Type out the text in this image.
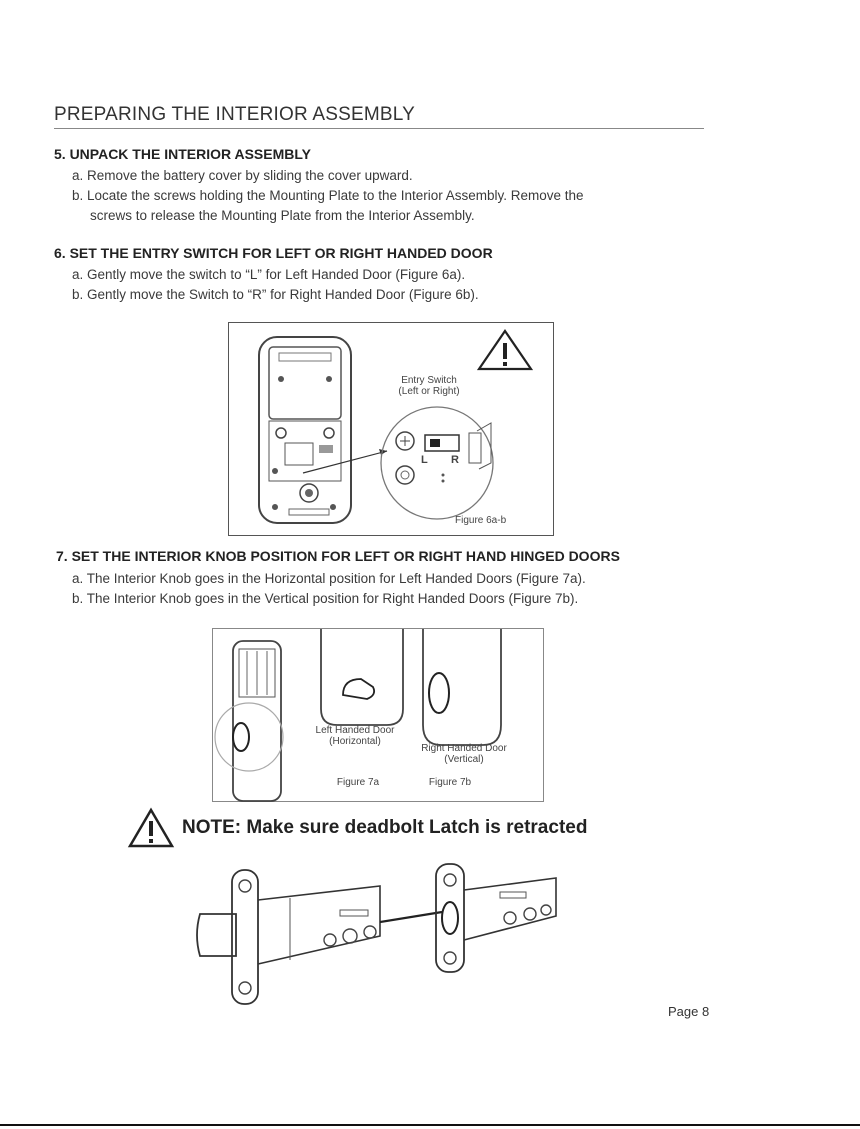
PREPARING THE INTERIOR ASSEMBLY
5. UNPACK THE INTERIOR ASSEMBLY
a. Remove the battery cover by sliding the cover upward.
b. Locate the screws holding the Mounting Plate to the Interior Assembly. Remove the
screws to release the Mounting Plate from the Interior Assembly.
6. SET THE ENTRY SWITCH FOR LEFT OR RIGHT HANDED DOOR
a. Gently move the switch to “L” for Left Handed Door (Figure 6a).
b. Gently move the Switch to “R” for Right Handed Door (Figure 6b).
Entry Switch
(Left or Right)
L R
Figure 6a-b
7. SET THE INTERIOR KNOB POSITION FOR LEFT OR RIGHT HAND HINGED DOORS
a. The Interior Knob goes in the Horizontal position for Left Handed Doors (Figure 7a).
b. The Interior Knob goes in the Vertical position for Right Handed Doors (Figure 7b).
Left Handed Door
(Horizontal)
Right Handed Door
(Vertical)
Figure 7a	Figure 7b
NOTE: Make sure deadbolt Latch is retracted
Page 8
